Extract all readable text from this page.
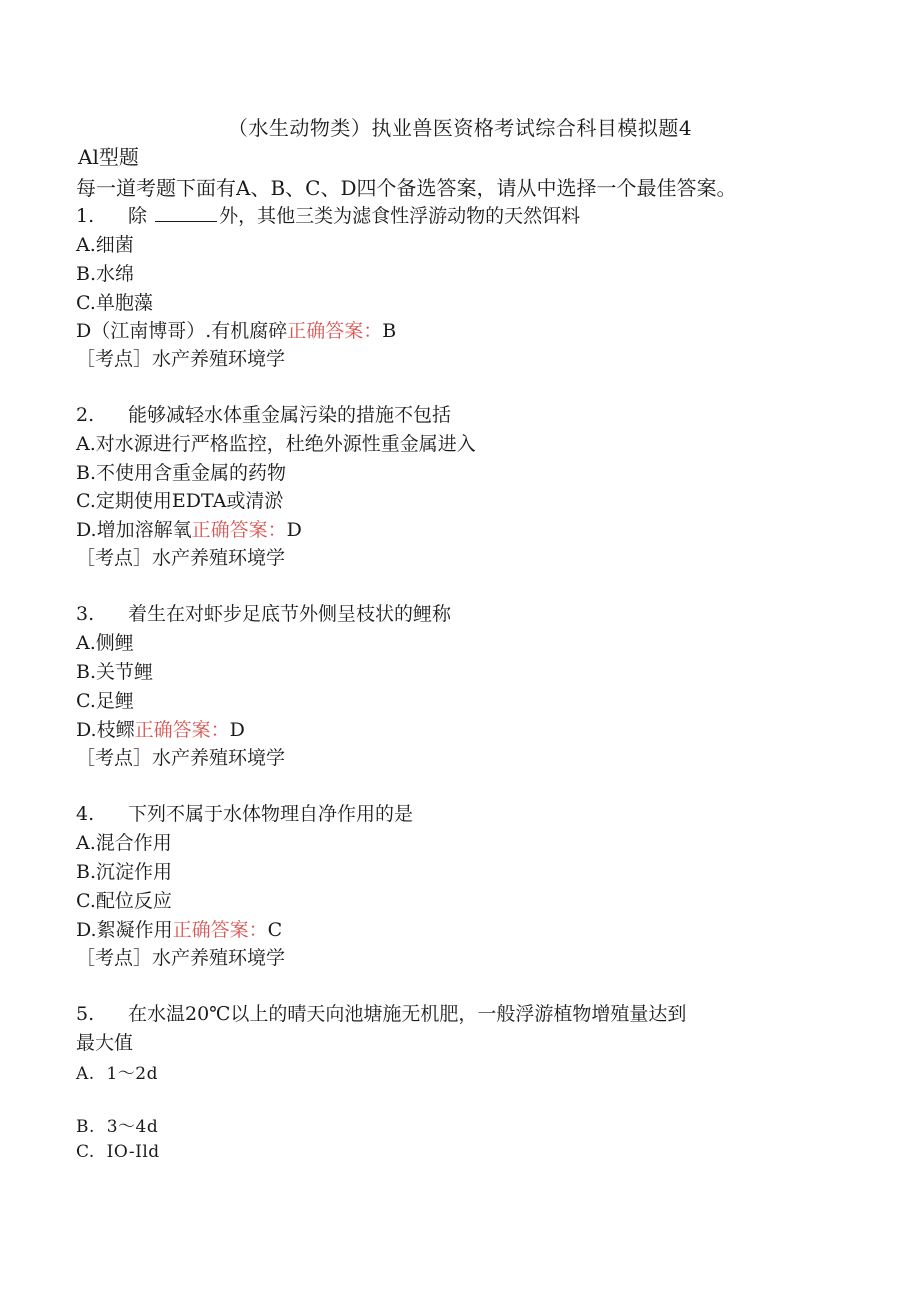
（水生动物类）执业兽医资格考试综合科目模拟题4
Al型题
每一道考题下面有A、B、C、D四个备选答案，请从中选择一个最佳答案。
1. 除	外，其他三类为滤食性浮游动物的天然饵料
A.细菌
B.水绵
C.单胞藻
D（江南博哥）.有机腐碎正确答案：B
［考点］水产养殖环境学
2. 能够减轻水体重金属污染的措施不包括
A.对水源进行严格监控，杜绝外源性重金属进入
B.不使用含重金属的药物
C.定期使用EDTA或清淤
D.增加溶解氧正确答案：D
［考点］水产养殖环境学
3. 着生在对虾步足底节外侧呈枝状的鲤称
A.侧鲤
B.关节鲤
C.足鲤
D.枝鳏正确答案：D
［考点］水产养殖环境学
4. 下列不属于水体物理自净作用的是
A.混合作用
B.沉淀作用
C.配位反应
D.絮凝作用正确答案：C
［考点］水产养殖环境学
5. 在水温20℃以上的晴天向池塘施无机肥，一般浮游植物增殖量达到
最大值
A.  1～2d
B.  3～4d
C.  IO-Ild
